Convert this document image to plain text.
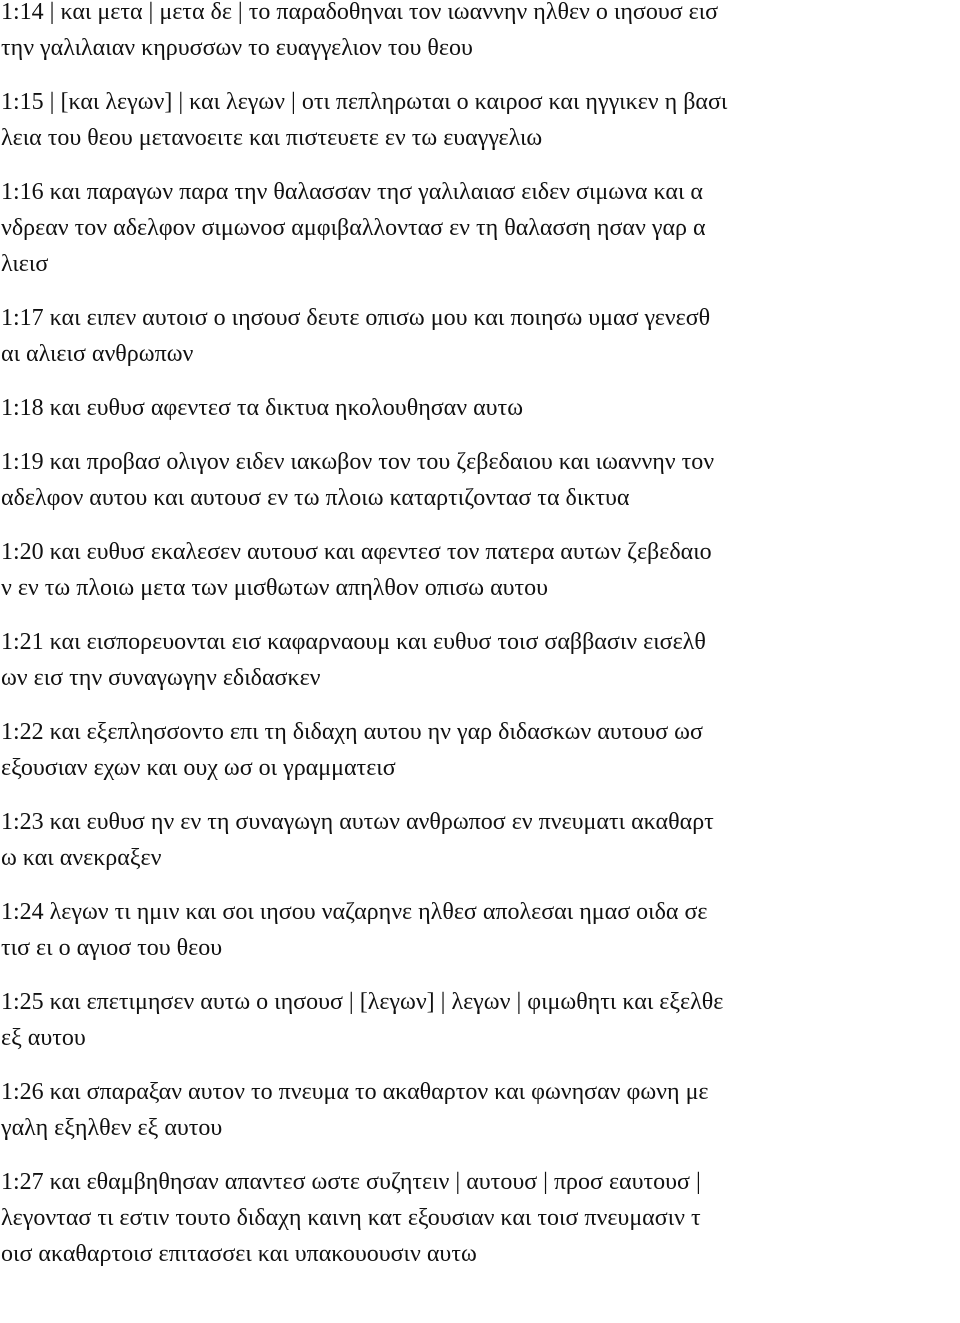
1:14 | και μετα | μετα δε | το παραδοθηναι τον ιωαννην ηλθεν ο ιησουσ εισ
την γαλιλαιαν κηρυσσων το ευαγγελιον του θεου

1:15 | [και λεγων] | και λεγων | οτι πεπληρωται ο καιροσ και ηγγικεν η βασι
λεια του θεου μετανοειτε και πιστευετε εν τω ευαγγελιω

1:16 και παραγων παρα την θαλασσαν τησ γαλιλαιασ ειδεν σιμωνα και α
νδρεαν τον αδελφον σιμωνοσ αμφιβαλλοντασ εν τη θαλασση ησαν γαρ α
λιεισ

1:17 και ειπεν αυτοισ ο ιησουσ δευτε οπισω μου και ποιησω υμασ γενεσθ
αι αλιεισ ανθρωπων

1:18 και ευθυσ αφεντεσ τα δικτυα ηκολουθησαν αυτω

1:19 και προβασ ολιγον ειδεν ιακωβον τον του ζεβεδαιου και ιωαννην τον
αδελφον αυτου και αυτουσ εν τω πλοιω καταρτιζοντασ τα δικτυα

1:20 και ευθυσ εκαλεσεν αυτουσ και αφεντεσ τον πατερα αυτων ζεβεδαιο
ν εν τω πλοιω μετα των μισθωτων απηλθον οπισω αυτου

1:21 και εισπορευονται εισ καφαρναουμ και ευθυσ τοισ σαββασιν εισελθ
ων εισ την συναγωγην εδιδασκεν

1:22 και εξεπλησσοντο επι τη διδαχη αυτου ην γαρ διδασκων αυτουσ ωσ
εξουσιαν εχων και ουχ ωσ οι γραμματεισ

1:23 και ευθυσ ην εν τη συναγωγη αυτων ανθρωποσ εν πνευματι ακαθαρτ
ω και ανεκραξεν

1:24 λεγων τι ημιν και σοι ιησου ναζαρηνε ηλθεσ απολεσαι ημασ οιδα σε
τισ ει ο αγιοσ του θεου

1:25 και επετιμησεν αυτω ο ιησουσ | [λεγων] | λεγων | φιμωθητι και εξελθε
εξ αυτου

1:26 και σπαραξαν αυτον το πνευμα το ακαθαρτον και φωνησαν φωνη με
γαλη εξηλθεν εξ αυτου

1:27 και εθαμβηθησαν απαντεσ ωστε συζητειν | αυτουσ | προσ εαυτουσ |
λεγοντασ τι εστιν τουτο διδαχη καινη κατ εξουσιαν και τοισ πνευμασιν τ
οισ ακαθαρτοισ επιτασσει και υπακουουσιν αυτω
